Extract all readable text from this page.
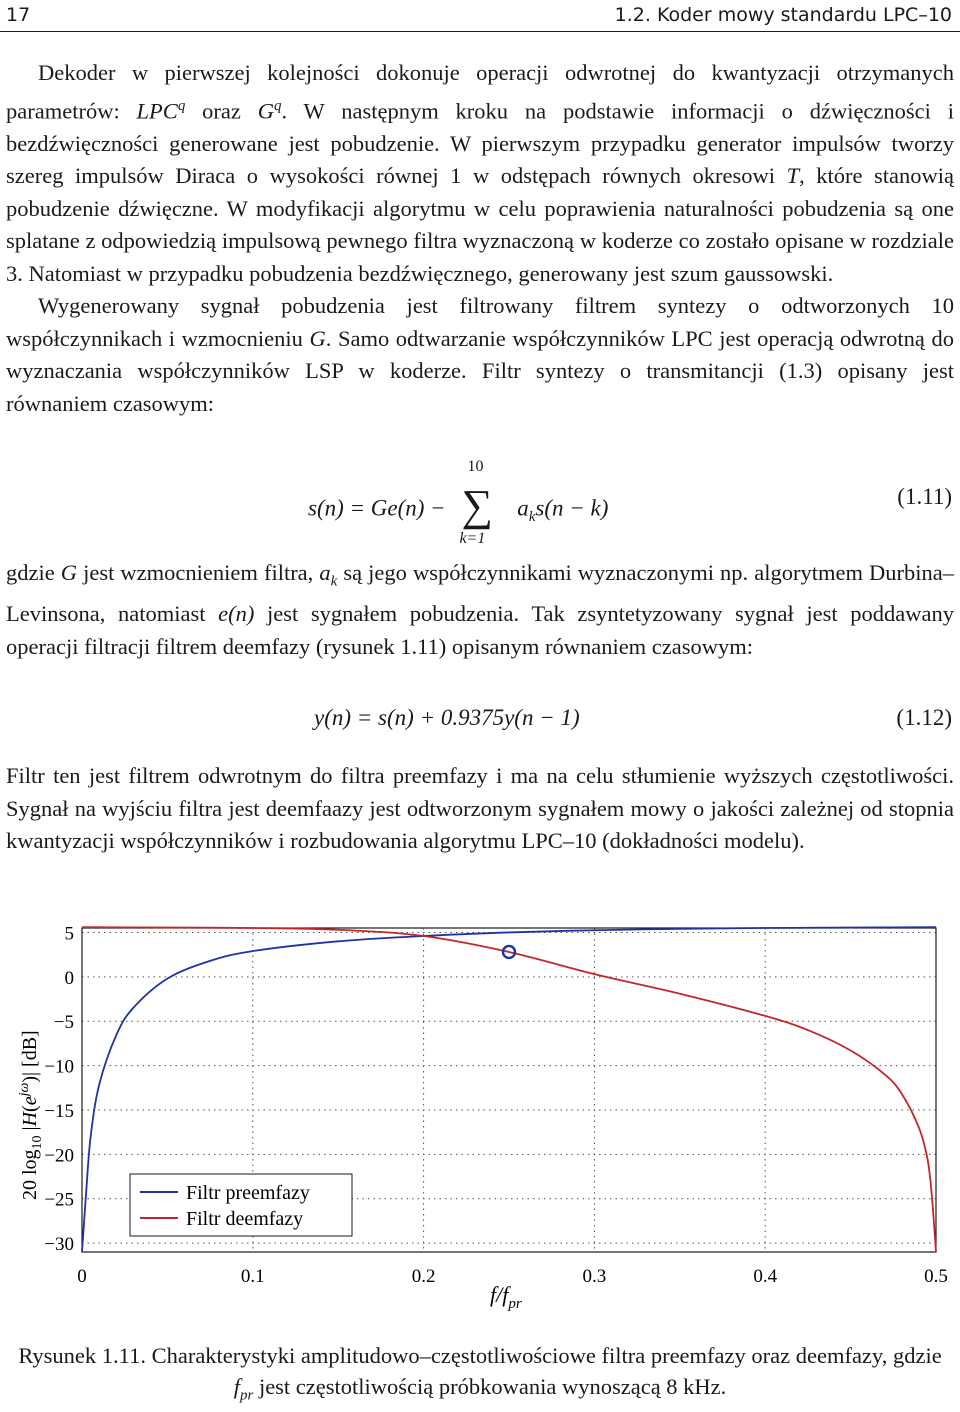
17	1.2. Koder mowy standardu LPC–10

Dekoder w pierwszej kolejności dokonuje operacji odwrotnej do kwantyzacji otrzymanych parametrów: LPC$^q$ oraz $G^q$. W następnym kroku na podstawie informacji o dźwięczności i bezdźwięczności generowane jest pobudzenie. W pierwszym przypadku generator impulsów tworzy szereg impulsów Diraca o wysokości równej 1 w odstępach równych okresowi T, które stanowią pobudzenie dźwięczne. W modyfikacji algorytmu w celu poprawienia naturalności pobudzenia są one splatane z odpowiedzią impulsową pewnego filtra wyznaczoną w koderze co zostało opisane w rozdziale 3. Natomiast w przypadku pobudzenia bezdźwięcznego, generowany jest szum gaussowski.

Wygenerowany sygnał pobudzenia jest filtrowany filtrem syntezy o odtworzonych 10 współczynnikach i wzmocnieniu G. Samo odtwarzanie współczynników LPC jest operacją odwrotną do wyznaczania współczynników LSP w koderze. Filtr syntezy o transmitancji (1.3) opisany jest równaniem czasowym:

s(n) = Ge(n) − ∑
10
k=1
$a_ks(n - k)$	(1.11)

gdzie G jest wzmocnieniem filtra, $a_k$ są jego współczynnikami wyznaczonymi np. algorytmem Durbina–Levinsona, natomiast e(n) jest sygnałem pobudzenia. Tak zsyntetyzowany sygnał jest poddawany operacji filtracji filtrem deemfazy (rysunek 1.11) opisanym równaniem czasowym:

y(n) = s(n) + 0.9375y(n − 1)	(1.12)

Filtr ten jest filtrem odwrotnym do filtra preemfazy i ma na celu stłumienie wyższych częstotliwości. Sygnał na wyjściu filtra jest deemfaazy jest odtworzonym sygnałem mowy o jakości zależnej od stopnia kwantyzacji współczynników i rozbudowania algorytmu LPC–10 (dokładności modelu).

5
0
−5
−10
−15
−20
−25
−30
0	0.1	0.2	0.3	0.4	0.5
Filtr preemfazy
Filtr deemfazy
$f/f_{pr}$
20 $\log_{10} |H(e^{j\omega})|$ [dB]
Rysunek 1.11. Charakterystyki amplitudowo–częstotliwościowe filtra preemfazy oraz deemfazy, gdzie $f_{pr}$ jest częstotliwością próbkowania wynoszącą 8 kHz.
